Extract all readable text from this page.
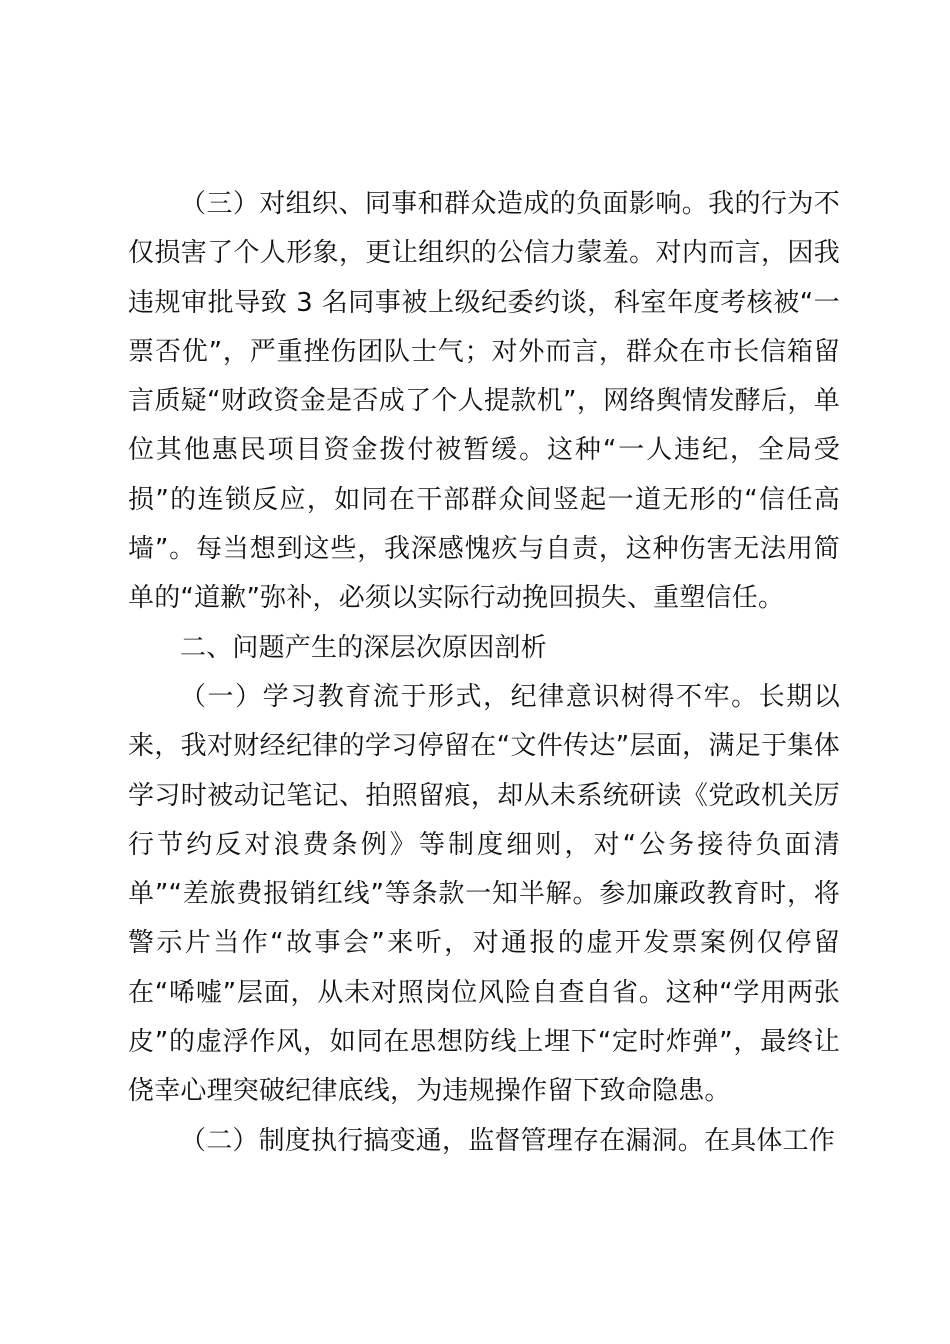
（三）对组织、同事和群众造成的负面影响。我的行为不仅损害了个人形象，更让组织的公信力蒙羞。对内而言，因我违规审批导致 3 名同事被上级纪委约谈，科室年度考核被“一票否优”，严重挫伤团队士气；对外而言，群众在市长信箱留言质疑“财政资金是否成了个人提款机”，网络舆情发酵后，单位其他惠民项目资金拨付被暂缓。这种“一人违纪，全局受损”的连锁反应，如同在干部群众间竖起一道无形的“信任高墙”。每当想到这些，我深感愧疚与自责，这种伤害无法用简单的“道歉”弥补，必须以实际行动挽回损失、重塑信任。

二、问题产生的深层次原因剖析

（一）学习教育流于形式，纪律意识树得不牢。长期以来，我对财经纪律的学习停留在“文件传达”层面，满足于集体学习时被动记笔记、拍照留痕，却从未系统研读《党政机关厉行节约反对浪费条例》等制度细则，对“公务接待负面清单”“差旅费报销红线”等条款一知半解。参加廉政教育时，将警示片当作“故事会”来听，对通报的虚开发票案例仅停留在“唏嘘”层面，从未对照岗位风险自查自省。这种“学用两张皮”的虚浮作风，如同在思想防线上埋下“定时炸弹”，最终让侥幸心理突破纪律底线，为违规操作留下致命隐患。

（二）制度执行搞变通，监督管理存在漏洞。在具体工作
